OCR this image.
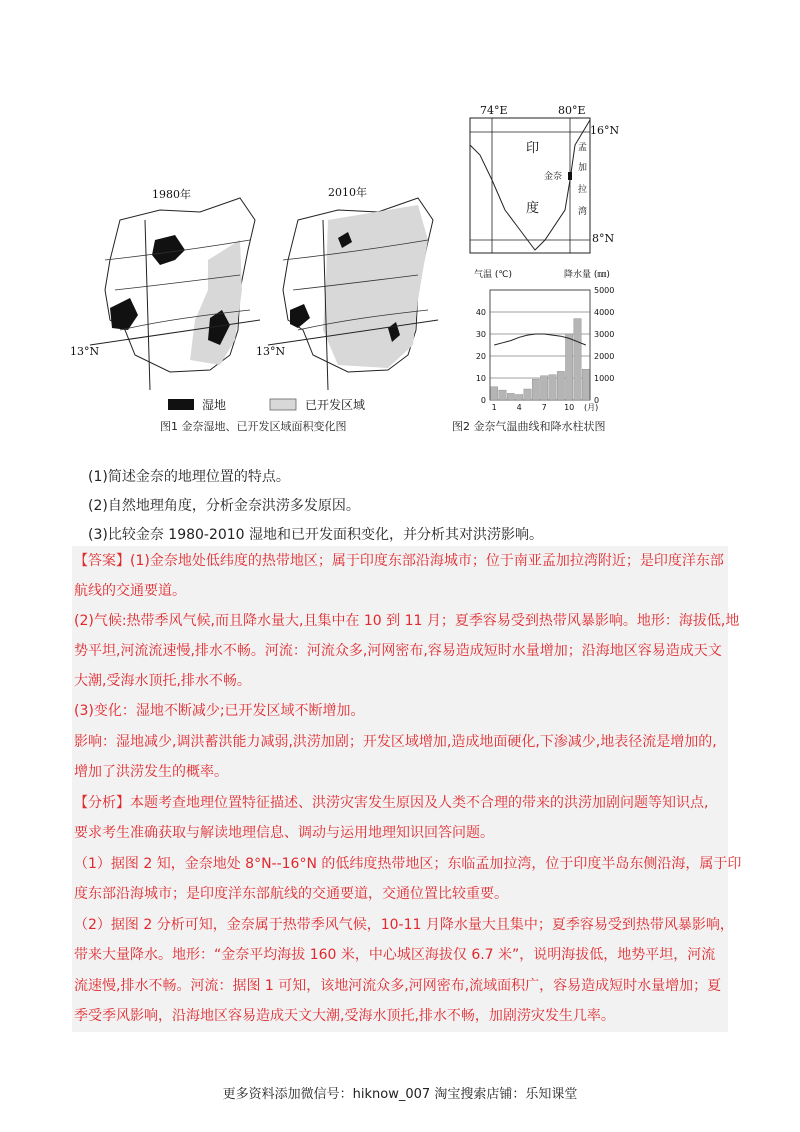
1980年	2010年
13°N	13°N
湿地	已开发区域
图1 金奈湿地、已开发区域面积变化图
74°E	80°E
16°N
8°N
印
度
金奈
孟
加
拉
湾
气温 (℃)	降水量 (㎜)
0
1000
2000
3000
4000
5000
0
10
20
30
40
1 4 7 10 (月)
图2 金奈气温曲线和降水柱状图
(1)简述金奈的地理位置的特点。
(2)自然地理角度，分析金奈洪涝多发原因。
(3)比较金奈 1980-2010 湿地和已开发面积变化，并分析其对洪涝影响。
【答案】(1)金奈地处低纬度的热带地区；属于印度东部沿海城市；位于南亚孟加拉湾附近；是印度洋东部
航线的交通要道。
(2)气候:热带季风气候,而且降水量大,且集中在 10 到 11 月；夏季容易受到热带风暴影响。地形：海拔低,地
势平坦,河流流速慢,排水不畅。河流：河流众多,河网密布,容易造成短时水量增加；沿海地区容易造成天文
大潮,受海水顶托,排水不畅。
(3)变化：湿地不断减少;已开发区域不断增加。
影响：湿地减少,调洪蓄洪能力减弱,洪涝加剧；开发区域增加,造成地面硬化,下渗减少,地表径流是增加的,
增加了洪涝发生的概率。
【分析】本题考查地理位置特征描述、洪涝灾害发生原因及人类不合理的带来的洪涝加剧问题等知识点,
要求考生准确获取与解读地理信息、调动与运用地理知识回答问题。
（1）据图 2 知，金奈地处 8°N--16°N 的低纬度热带地区；东临孟加拉湾，位于印度半岛东侧沿海，属于印
度东部沿海城市；是印度洋东部航线的交通要道，交通位置比较重要。
（2）据图 2 分析可知，金奈属于热带季风气候，10-11 月降水量大且集中；夏季容易受到热带风暴影响，
带来大量降水。地形：“金奈平均海拔 160 米，中心城区海拔仅 6.7 米”，说明海拔低，地势平坦，河流
流速慢,排水不畅。河流：据图 1 可知，该地河流众多,河网密布,流域面积广，容易造成短时水量增加；夏
季受季风影响，沿海地区容易造成天文大潮,受海水顶托,排水不畅，加剧涝灾发生几率。
更多资料添加微信号：hiknow_007 淘宝搜索店铺：乐知课堂
